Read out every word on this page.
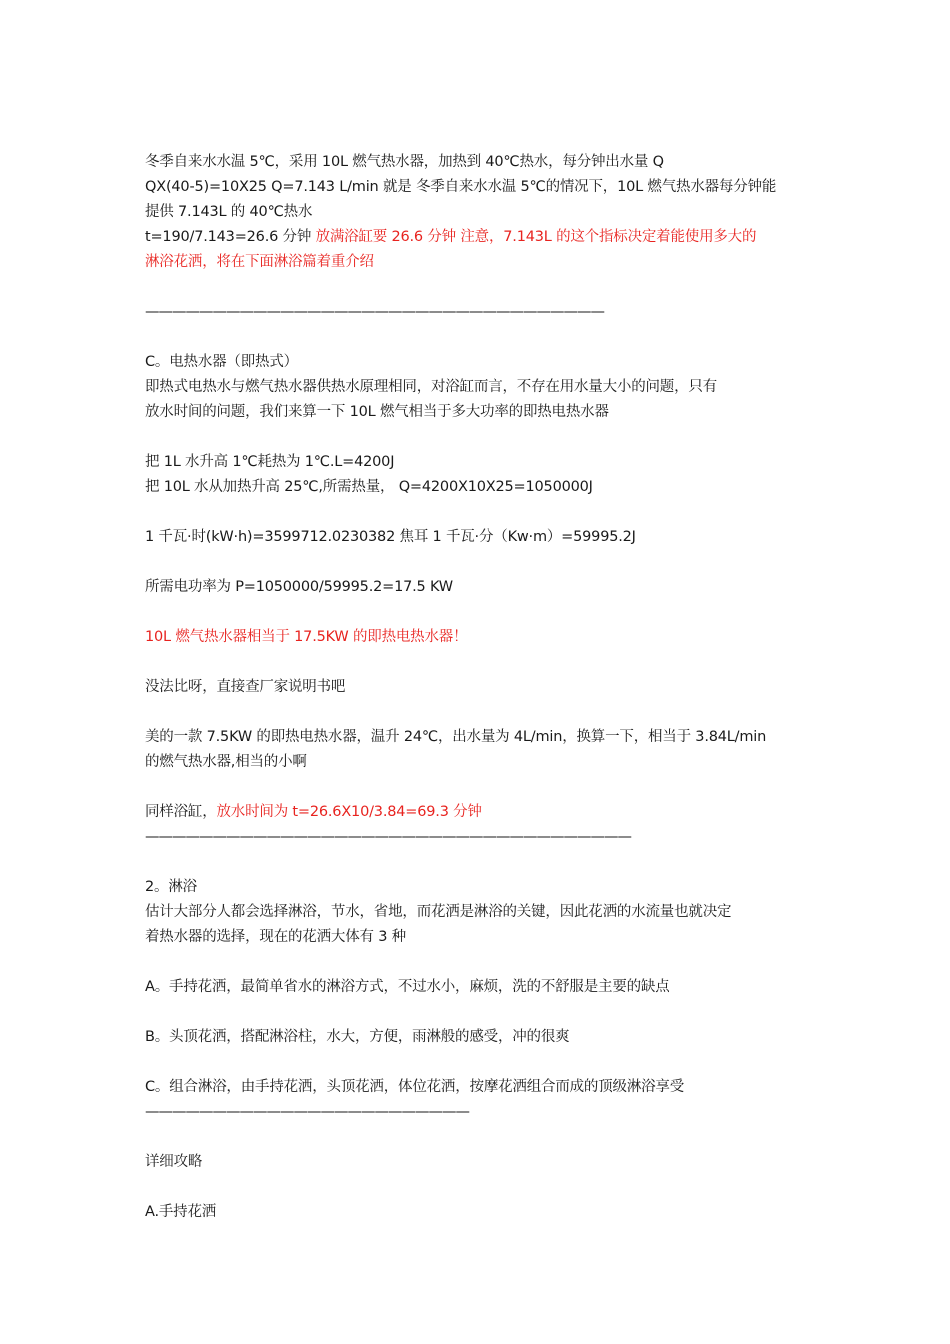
冬季自来水水温 5℃，采用 10L 燃气热水器，加热到 40℃热水，每分钟出水量 Q

QX(40-5)=10X25 Q=7.143 L/min 就是 冬季自来水水温 5℃的情况下，10L 燃气热水器每分钟能

提供 7.143L 的 40℃热水

t=190/7.143=26.6 分钟 放满浴缸要 26.6 分钟 注意，7.143L 的这个指标决定着能使用多大的

淋浴花洒，将在下面淋浴篇着重介绍

——————————————————————————————————

C。电热水器（即热式）

即热式电热水与燃气热水器供热水原理相同，对浴缸而言，不存在用水量大小的问题，只有

放水时间的问题，我们来算一下 10L 燃气相当于多大功率的即热电热水器

把 1L 水升高 1℃耗热为 1℃.L=4200J

把 10L 水从加热升高 25℃,所需热量， Q=4200X10X25=1050000J

1 千瓦·时(kW·h)=3599712.0230382 焦耳 1 千瓦·分（Kw·m）=59995.2J

所需电功率为 P=1050000/59995.2=17.5 KW

10L 燃气热水器相当于 17.5KW 的即热电热水器！

没法比呀，直接查厂家说明书吧

美的一款 7.5KW 的即热电热水器，温升 24℃，出水量为 4L/min，换算一下，相当于 3.84L/min

的燃气热水器,相当的小啊

同样浴缸，放水时间为 t=26.6X10/3.84=69.3 分钟

————————————————————————————————————

2。淋浴

估计大部分人都会选择淋浴，节水，省地，而花洒是淋浴的关键，因此花洒的水流量也就决定

着热水器的选择，现在的花洒大体有 3 种

A。手持花洒，最简单省水的淋浴方式，不过水小，麻烦，洗的不舒服是主要的缺点

B。头顶花洒，搭配淋浴柱，水大，方便，雨淋般的感受，冲的很爽

C。组合淋浴，由手持花洒，头顶花洒，体位花洒，按摩花洒组合而成的顶级淋浴享受

————————————————————————

详细攻略

A.手持花洒
